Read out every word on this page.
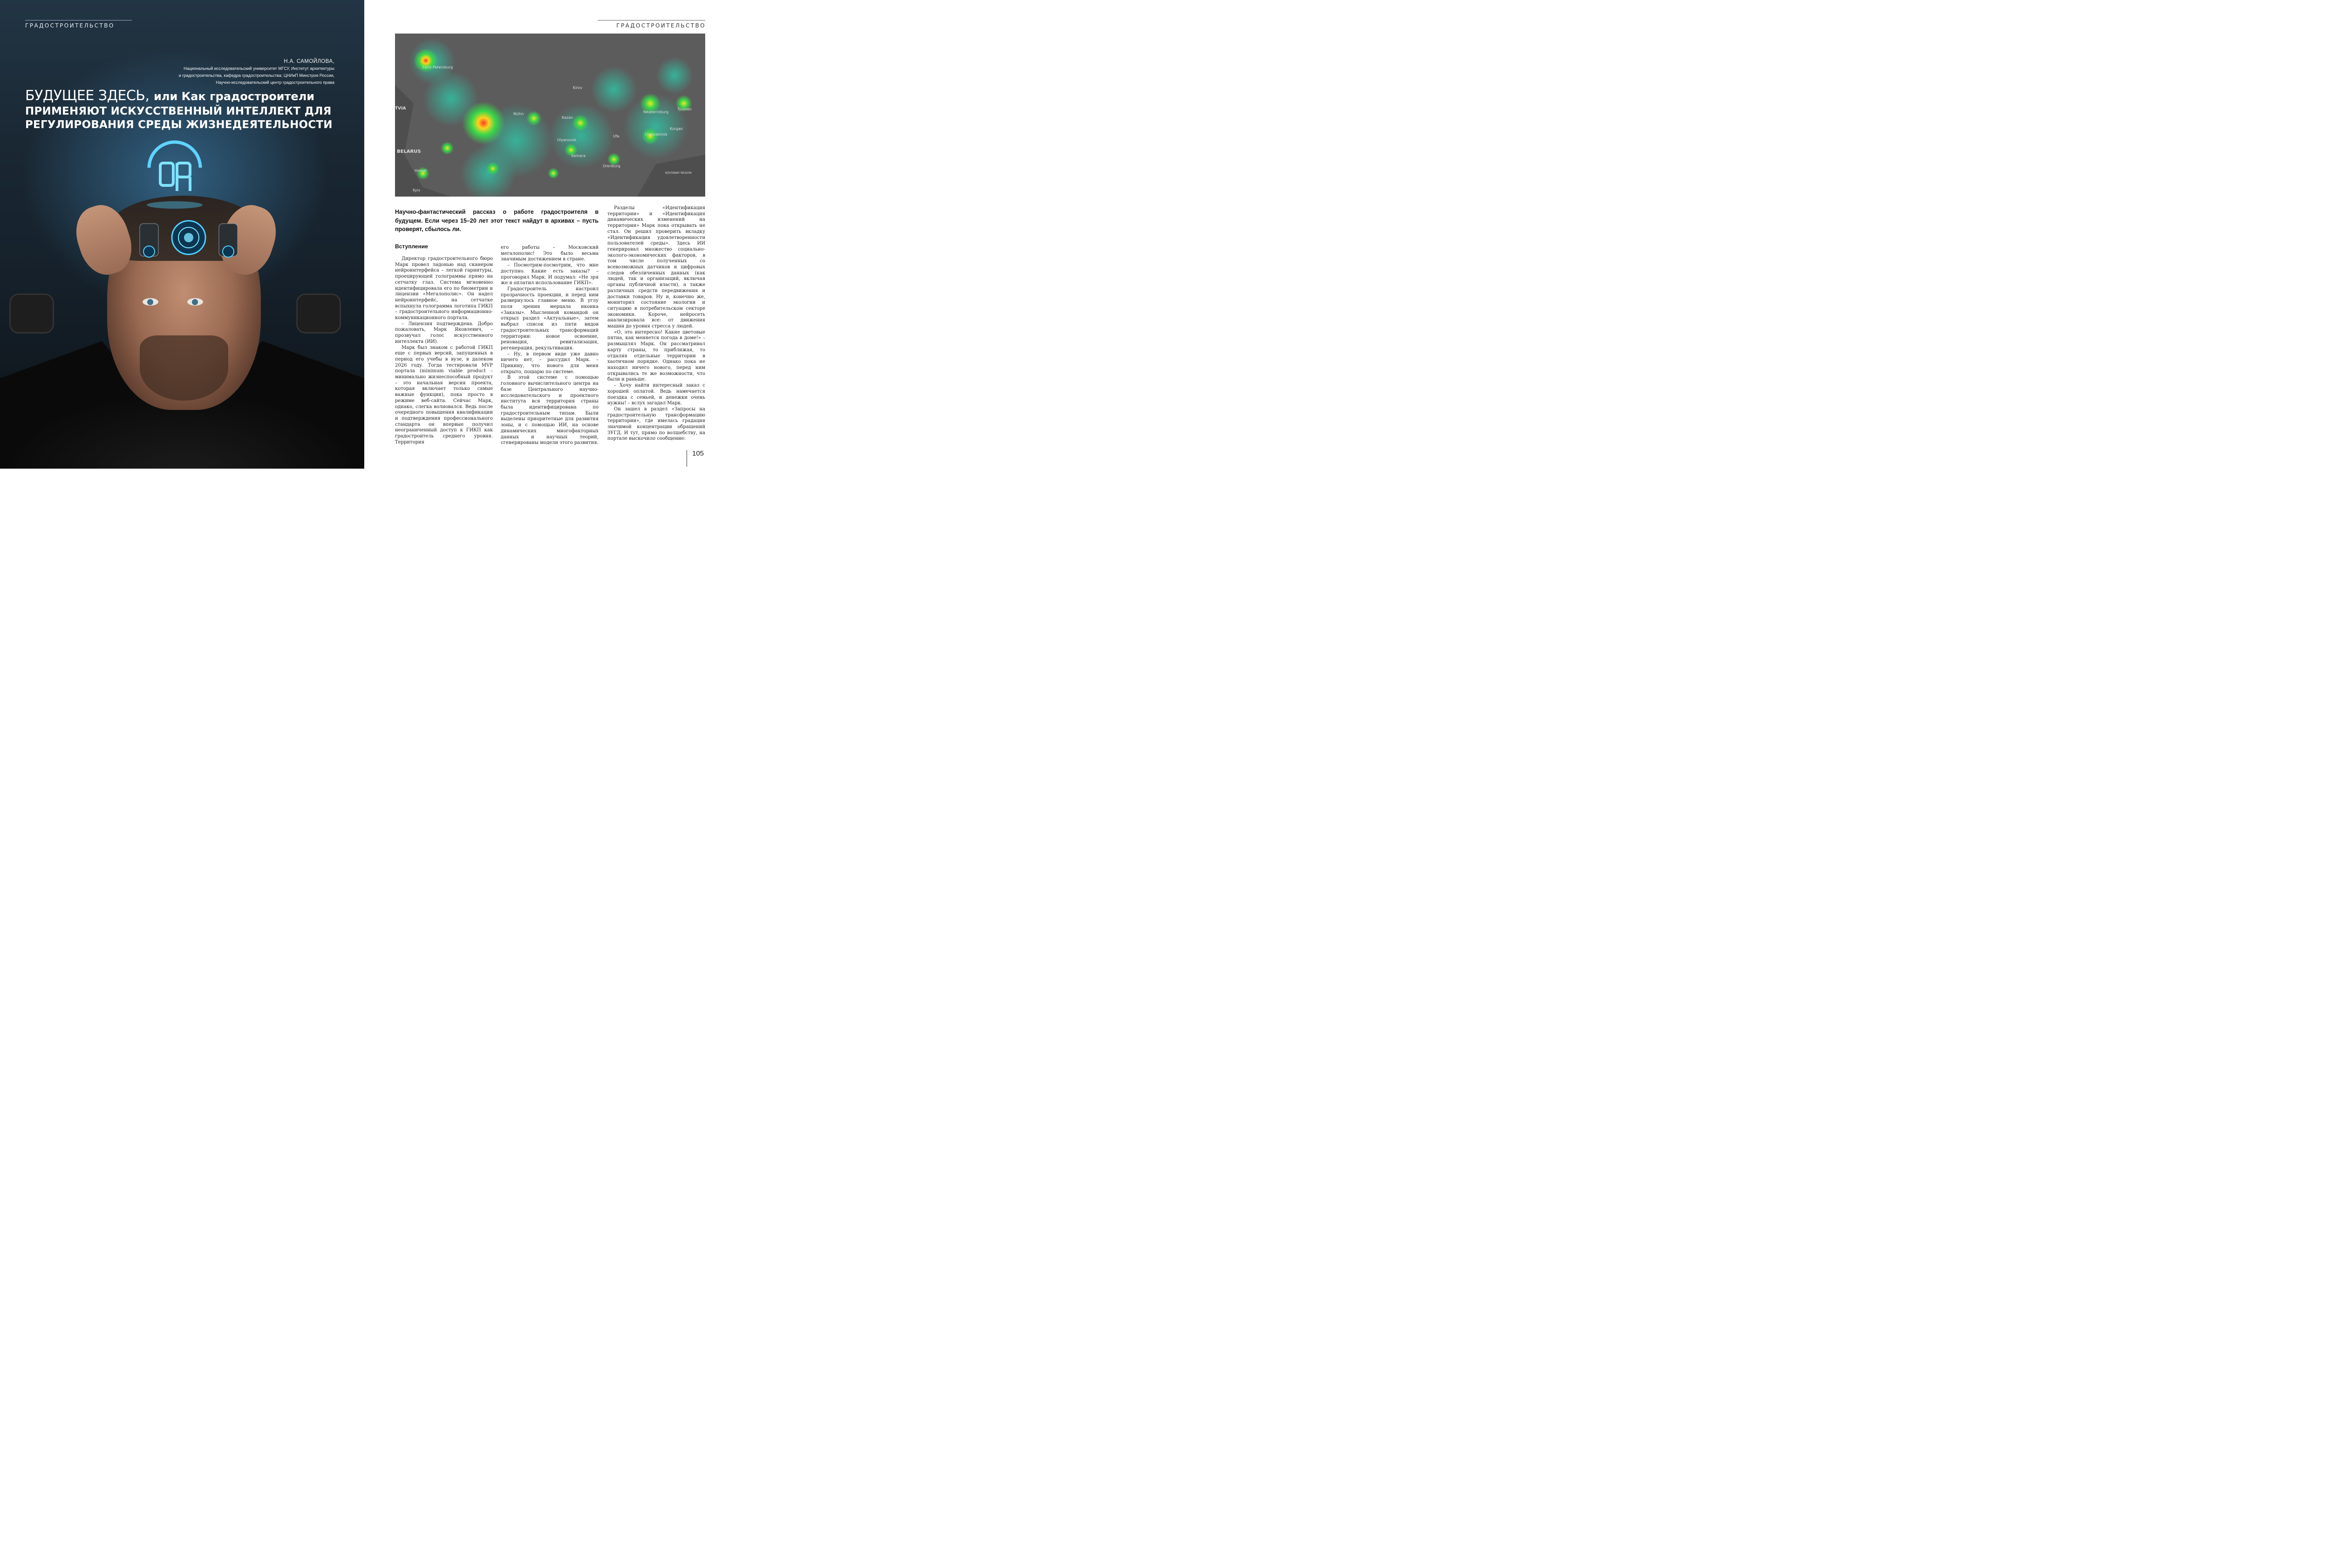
ГРАДОСТРОИТЕЛЬСТВО
Н.А. САМОЙЛОВА,
Национальный исследовательский университет МГСУ, Институт архитектуры
и градостроительства, кафедра градостроительства; ЦНИиП Минстроя России,
Научно-исследовательский центр градостроительного права
БУДУЩЕЕ ЗДЕСЬ, или Как градостроители
ПРИМЕНЯЮТ ИСКУССТВЕННЫЙ ИНТЕЛЛЕКТ ДЛЯ
РЕГУЛИРОВАНИЯ СРЕДЫ ЖИЗНЕДЕЯТЕЛЬНОСТИ
ГРАДОСТРОИТЕЛЬСТВО
Saint Petersburg
TVIA
BELARUS
Kirov
Nizhn
Kazan
Yekaterinburg
Tyumen
Ufa	Chelyabinsk
Orenburg
Samara
Kurgan
Ulyanovsk
Homel
Kyiv
KOSTANAY REGION
Научно-фантастический рассказ о работе градостроителя в будущем. Если через 15–20 лет этот текст найдут в архивах – пусть проверят, сбылось ли.
Вступление

Директор градостроительного бюро Марк провел ладонью над сканером нейроинтерфейса – легкой гарнитуры, проецирующей голограммы прямо на сетчатку глаз. Система мгновенно идентифицировала его по биометрии и лицензии «Мегалополис». Он надел нейроинтерфейс, на сетчатке вспыхнула голограмма логотипа ГИКП – градостроительного информационно-коммуникационного портала.

– Лицензия подтверждена. Добро пожаловать, Марк Яковлевич, – прозвучал голос искусственного интеллекта (ИИ).

Марк был знаком с работой ГИКП еще с первых версий, запущенных в период его учебы в вузе, в далеком 2026 году. Тогда тестировали MVP портала (minimum viable product – минимально жизнеспособный продукт – это начальная версия проекта, которая включает только самые важные функции), пока просто в режиме веб-сайта. Сейчас Марк, однако, слегка волновался. Ведь после очередного повышения квалификации и подтверждения профессионального стандарта он впервые получил неограниченный доступ к ГИКП как градостроитель среднего уровня. Территория

его работы – Московский мегалополис! Это было весьма значимым достижением в стране.

– Посмотрим-посмотрим, что мне доступно. Какие есть заказы? – проговорил Марк. И подумал: «Не зря же я оплатил использование ГИКП».

Градостроитель настроил прозрачность проекции, и перед ним развернулось главное меню. В углу поля зрения мерцала иконка «Заказы». Мысленной командой он открыл раздел «Актуальные», затем выбрал список из пяти видов градостроительных трансформаций территории: новое освоение, реновация, ревитализация, регенерация, рекультивация.

– Ну, в первом виде уже давно ничего нет, – рассудил Марк. – Прикину, что нового для меня открыто, пошарю по системе.

В этой системе с помощью головного вычислительного центра на базе Центрального научно-исследовательского и проектного института вся территория страны была идентифицирована по градостроительным типам. Были выделены приоритетные для развития зоны, и с помощью ИИ, на основе динамических многофакторных данных и научных теорий, сгенерированы модели этого развития.

Разделы «Идентификация территории» и «Идентификация динамических изменений на территории» Марк пока открывать не стал. Он решил проверить вкладку «Идентификация удовлетворенности пользователей среды». Здесь ИИ генерировал множество социально-эколого-экономических факторов, в том числе полученных со всевозможных датчиков и цифровых следов обезличенных данных (как людей, так и организаций, включая органы публичной власти), а также различных средств передвижения и доставки товаров. Ну и, конечно же, мониторил состояние экологии и ситуацию в потребительском секторе экономики. Короче, нейросеть анализировала все: от движения машин до уровня стресса у людей.

«О, это интересно! Какие цветовые пятна, как меняется погода в доме!» – размышлял Марк. Он рассматривал карту страны, то приближая, то отдаляя отдельные территории в хаотичном порядке. Однако пока не находил ничего нового, перед ним открывались те же возможности, что были и раньше.

– Хочу найти интересный заказ с хорошей оплатой. Ведь намечается поездка с семьей, и денежки очень нужны! – вслух загадал Марк.

Он зашел в раздел «Запросы на градостроительную трансформацию территории», где имелась градация значимой концентрации обращений ЗУГД. И тут, прямо по волшебству, на портале выскочило сообщение:

105
